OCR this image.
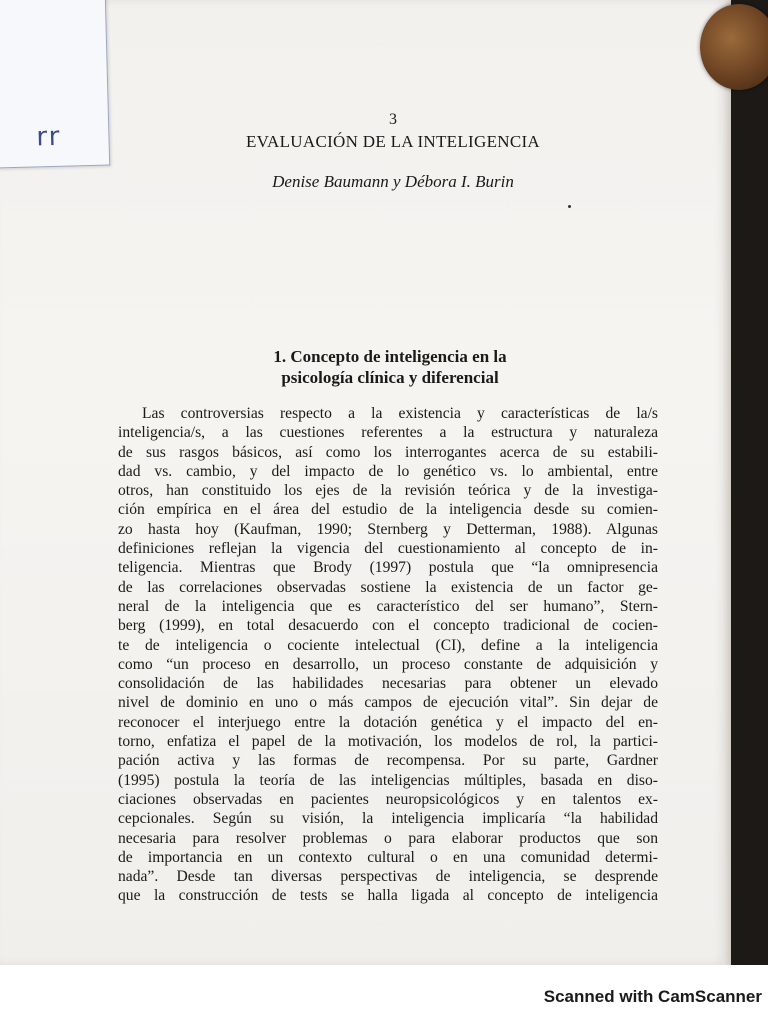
rr
3
EVALUACIÓN DE LA INTELIGENCIA
Denise Baumann y Débora I. Burin
1. Concepto de inteligencia en la
psicología clínica y diferencial
Las controversias respecto a la existencia y características de la/s
inteligencia/s, a las cuestiones referentes a la estructura y naturaleza
de sus rasgos básicos, así como los interrogantes acerca de su estabili-
dad vs. cambio, y del impacto de lo genético vs. lo ambiental, entre
otros, han constituido los ejes de la revisión teórica y de la investiga-
ción empírica en el área del estudio de la inteligencia desde su comien-
zo hasta hoy (Kaufman, 1990; Sternberg y Detterman, 1988). Algunas
definiciones reflejan la vigencia del cuestionamiento al concepto de in-
teligencia. Mientras que Brody (1997) postula que “la omnipresencia
de las correlaciones observadas sostiene la existencia de un factor ge-
neral de la inteligencia que es característico del ser humano”, Stern-
berg (1999), en total desacuerdo con el concepto tradicional de cocien-
te de inteligencia o cociente intelectual (CI), define a la inteligencia
como “un proceso en desarrollo, un proceso constante de adquisición y
consolidación de las habilidades necesarias para obtener un elevado
nivel de dominio en uno o más campos de ejecución vital”. Sin dejar de
reconocer el interjuego entre la dotación genética y el impacto del en-
torno, enfatiza el papel de la motivación, los modelos de rol, la partici-
pación activa y las formas de recompensa. Por su parte, Gardner
(1995) postula la teoría de las inteligencias múltiples, basada en diso-
ciaciones observadas en pacientes neuropsicológicos y en talentos ex-
cepcionales. Según su visión, la inteligencia implicaría “la habilidad
necesaria para resolver problemas o para elaborar productos que son
de importancia en un contexto cultural o en una comunidad determi-
nada”. Desde tan diversas perspectivas de inteligencia, se desprende
que la construcción de tests se halla ligada al concepto de inteligencia
Scanned with CamScanner
